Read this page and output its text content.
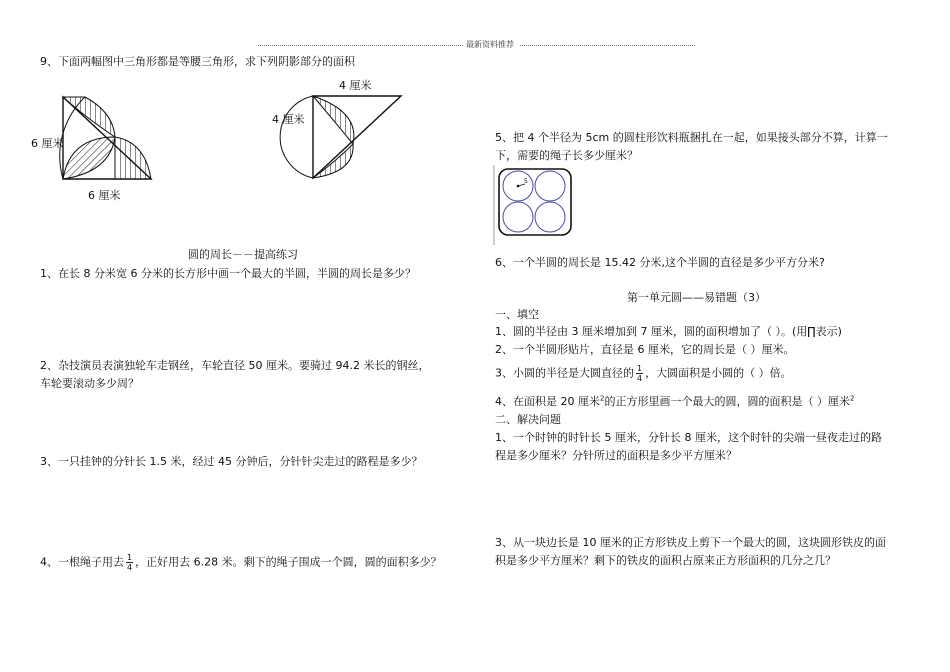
最新资料推荐
9、下面两幅图中三角形都是等腰三角形，求下列阴影部分的面积
6 厘米
6 厘米
4 厘米
4 厘米
圆的周长－－提高练习
1、在长 8 分米宽 6 分米的长方形中画一个最大的半圆，半圆的周长是多少？
2、杂技演员表演独轮车走钢丝，车轮直径 50 厘米。要骑过 94.2 米长的钢丝，
车轮要滚动多少周？
3、一只挂钟的分针长 1.5 米，经过 45 分钟后，分针针尖走过的路程是多少？
4、一根绳子用去 $\frac{1}{4}$ ，正好用去 6.28 米。剩下的绳子围成一个圆，圆的面积多少？
5、把 4 个半径为 5cm 的圆柱形饮料瓶捆扎在一起，如果接头部分不算，计算一
下，需要的绳子长多少厘米？
5
6、一个半圆的周长是 15.42 分米,这个半圆的直径是多少平方分米?
第一单元圆——易错题（3）
一、填空
1、圆的半径由 3 厘米增加到 7 厘米，圆的面积增加了（ ）。(用∏表示)
2、一个半圆形贴片，直径是 6 厘米，它的周长是（ ）厘米。
3、小圆的半径是大圆直径的 $\frac{1}{4}$ ，大圆面积是小圆的（ ）倍。
4、在面积是 20 厘米$^2$的正方形里画一个最大的圆，圆的面积是（ ）厘米$^2$
二、解决问题
1、一个时钟的时针长 5 厘米，分针长 8 厘米，这个时针的尖端一昼夜走过的路
程是多少厘米？分针所过的面积是多少平方厘米？
3、从一块边长是 10 厘米的正方形铁皮上剪下一个最大的圆，这块圆形铁皮的面
积是多少平方厘米？剩下的铁皮的面积占原来正方形面积的几分之几？
